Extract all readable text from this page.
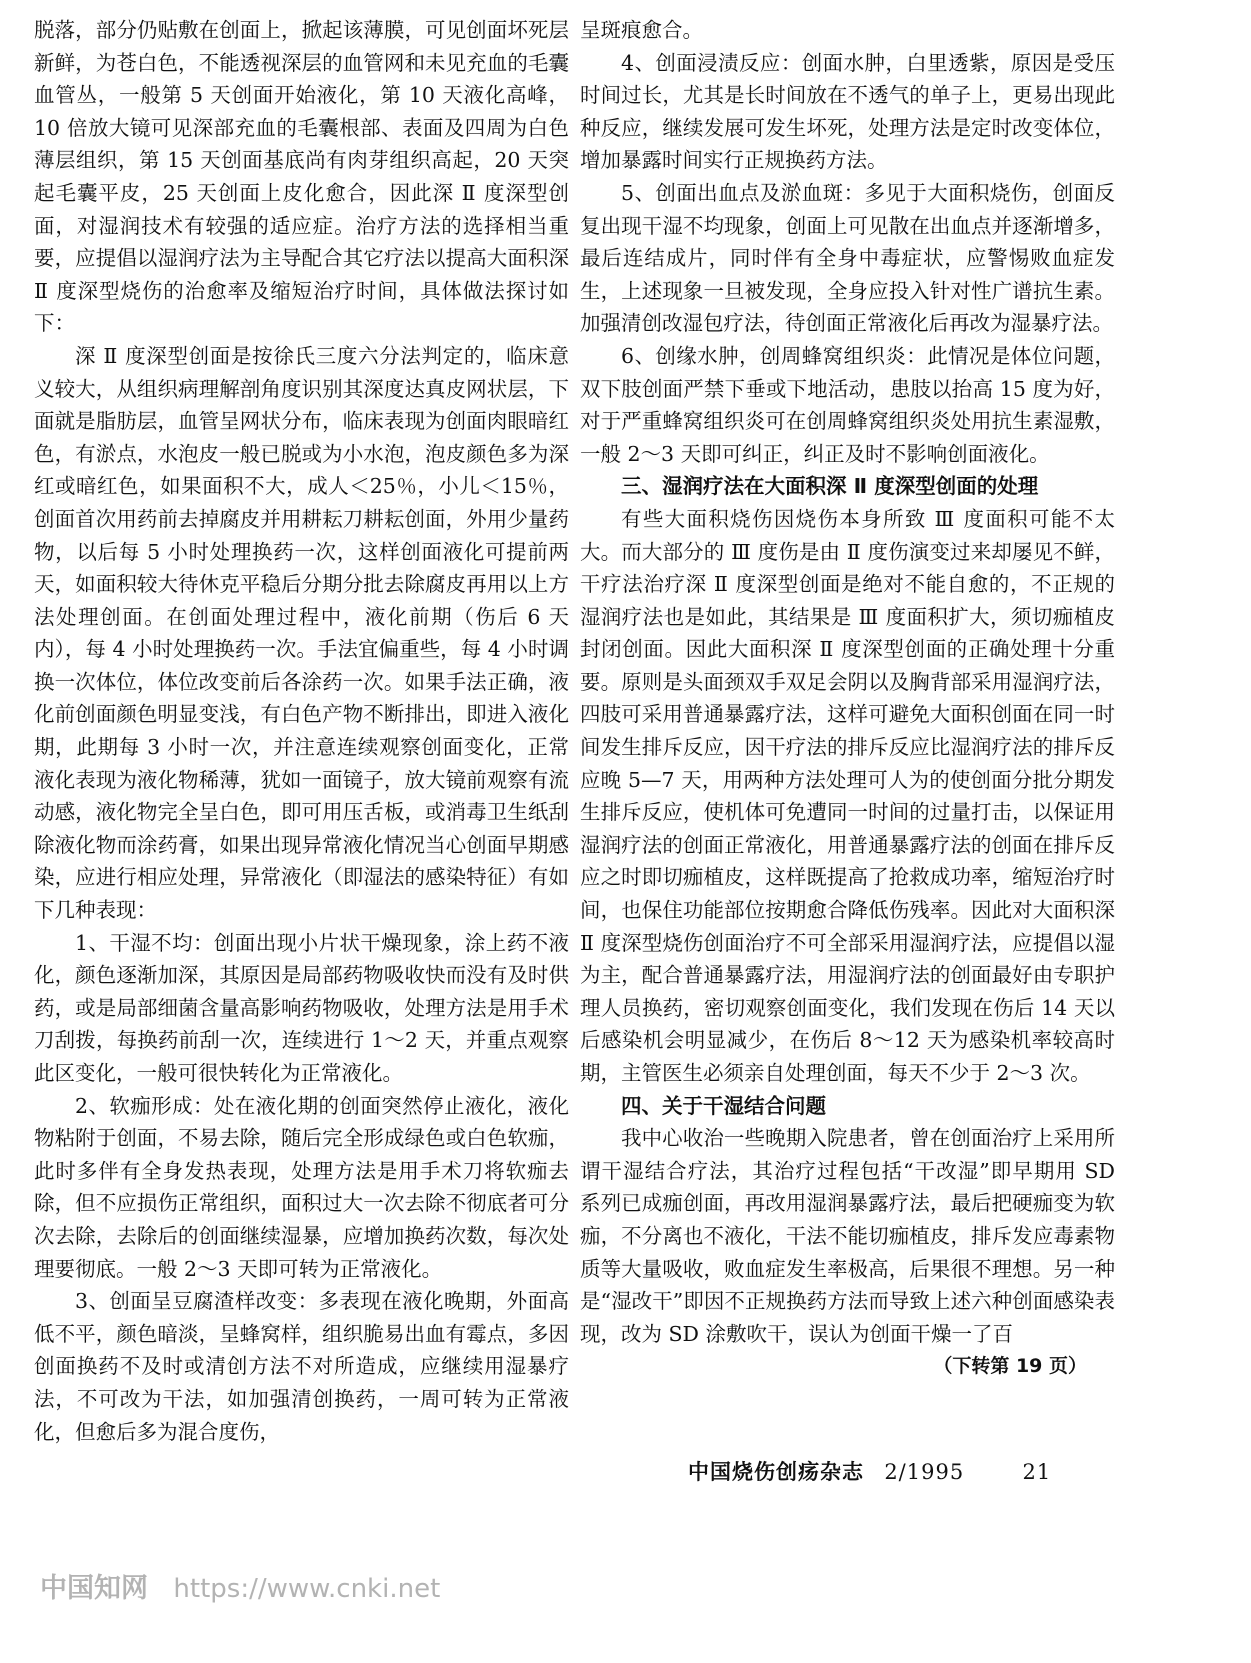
脱落，部分仍贴敷在创面上，掀起该薄膜，可见创面坏死层新鲜，为苍白色，不能透视深层的血管网和未见充血的毛囊血管丛，一般第 5 天创面开始液化，第 10 天液化高峰，10 倍放大镜可见深部充血的毛囊根部、表面及四周为白色薄层组织，第 15 天创面基底尚有肉芽组织高起，20 天突起毛囊平皮，25 天创面上皮化愈合，因此深 Ⅱ 度深型创面，对湿润技术有较强的适应症。治疗方法的选择相当重要，应提倡以湿润疗法为主导配合其它疗法以提高大面积深 Ⅱ 度深型烧伤的治愈率及缩短治疗时间，具体做法探讨如下：

深 Ⅱ 度深型创面是按徐氏三度六分法判定的，临床意义较大，从组织病理解剖角度识别其深度达真皮网状层，下面就是脂肪层，血管呈网状分布，临床表现为创面肉眼暗红色，有淤点，水泡皮一般已脱或为小水泡，泡皮颜色多为深红或暗红色，如果面积不大，成人＜25％，小儿＜15％，创面首次用药前去掉腐皮并用耕耘刀耕耘创面，外用少量药物，以后每 5 小时处理换药一次，这样创面液化可提前两天，如面积较大待休克平稳后分期分批去除腐皮再用以上方法处理创面。在创面处理过程中，液化前期（伤后 6 天内），每 4 小时处理换药一次。手法宜偏重些，每 4 小时调换一次体位，体位改变前后各涂药一次。如果手法正确，液化前创面颜色明显变浅，有白色产物不断排出，即进入液化期，此期每 3 小时一次，并注意连续观察创面变化，正常液化表现为液化物稀薄，犹如一面镜子，放大镜前观察有流动感，液化物完全呈白色，即可用压舌板，或消毒卫生纸刮除液化物而涂药膏，如果出现异常液化情况当心创面早期感染，应进行相应处理，异常液化（即湿法的感染特征）有如下几种表现：

1、干湿不均：创面出现小片状干燥现象，涂上药不液化，颜色逐渐加深，其原因是局部药物吸收快而没有及时供药，或是局部细菌含量高影响药物吸收，处理方法是用手术刀刮拨，每换药前刮一次，连续进行 1～2 天，并重点观察此区变化，一般可很快转化为正常液化。

2、软痂形成：处在液化期的创面突然停止液化，液化物粘附于创面，不易去除，随后完全形成绿色或白色软痂，此时多伴有全身发热表现，处理方法是用手术刀将软痂去除，但不应损伤正常组织，面积过大一次去除不彻底者可分次去除，去除后的创面继续湿暴，应增加换药次数，每次处理要彻底。一般 2～3 天即可转为正常液化。

3、创面呈豆腐渣样改变：多表现在液化晚期，外面高低不平，颜色暗淡，呈蜂窝样，组织脆易出血有霉点，多因创面换药不及时或清创方法不对所造成，应继续用湿暴疗法，不可改为干法，如加强清创换药，一周可转为正常液化，但愈后多为混合度伤，

呈斑痕愈合。

4、创面浸渍反应：创面水肿，白里透紫，原因是受压时间过长，尤其是长时间放在不透气的单子上，更易出现此种反应，继续发展可发生坏死，处理方法是定时改变体位，增加暴露时间实行正规换药方法。

5、创面出血点及淤血斑：多见于大面积烧伤，创面反复出现干湿不均现象，创面上可见散在出血点并逐渐增多，最后连结成片，同时伴有全身中毒症状，应警惕败血症发生，上述现象一旦被发现，全身应投入针对性广谱抗生素。加强清创改湿包疗法，待创面正常液化后再改为湿暴疗法。

6、创缘水肿，创周蜂窝组织炎：此情况是体位问题，双下肢创面严禁下垂或下地活动，患肢以抬高 15 度为好，对于严重蜂窝组织炎可在创周蜂窝组织炎处用抗生素湿敷，一般 2～3 天即可纠正，纠正及时不影响创面液化。

三、湿润疗法在大面积深 Ⅱ 度深型创面的处理

有些大面积烧伤因烧伤本身所致 Ⅲ 度面积可能不太大。而大部分的 Ⅲ 度伤是由 Ⅱ 度伤演变过来却屡见不鲜，干疗法治疗深 Ⅱ 度深型创面是绝对不能自愈的，不正规的湿润疗法也是如此，其结果是 Ⅲ 度面积扩大，须切痂植皮封闭创面。因此大面积深 Ⅱ 度深型创面的正确处理十分重要。原则是头面颈双手双足会阴以及胸背部采用湿润疗法，四肢可采用普通暴露疗法，这样可避免大面积创面在同一时间发生排斥反应，因干疗法的排斥反应比湿润疗法的排斥反应晚 5—7 天，用两种方法处理可人为的使创面分批分期发生排斥反应，使机体可免遭同一时间的过量打击，以保证用湿润疗法的创面正常液化，用普通暴露疗法的创面在排斥反应之时即切痂植皮，这样既提高了抢救成功率，缩短治疗时间，也保住功能部位按期愈合降低伤残率。因此对大面积深 Ⅱ 度深型烧伤创面治疗不可全部采用湿润疗法，应提倡以湿为主，配合普通暴露疗法，用湿润疗法的创面最好由专职护理人员换药，密切观察创面变化，我们发现在伤后 14 天以后感染机会明显减少，在伤后 8～12 天为感染机率较高时期，主管医生必须亲自处理创面，每天不少于 2～3 次。

四、关于干湿结合问题

我中心收治一些晚期入院患者，曾在创面治疗上采用所谓干湿结合疗法，其治疗过程包括“干改湿”即早期用 SD 系列已成痂创面，再改用湿润暴露疗法，最后把硬痂变为软痂，不分离也不液化，干法不能切痂植皮，排斥发应毒素物质等大量吸收，败血症发生率极高，后果很不理想。另一种是“湿改干”即因不正规换药方法而导致上述六种创面感染表现，改为 SD 涂敷吹干，误认为创面干燥一了百

（下转第 19 页）
中国烧伤创疡杂志 2/1995	21
中国知网 https://www.cnki.net
